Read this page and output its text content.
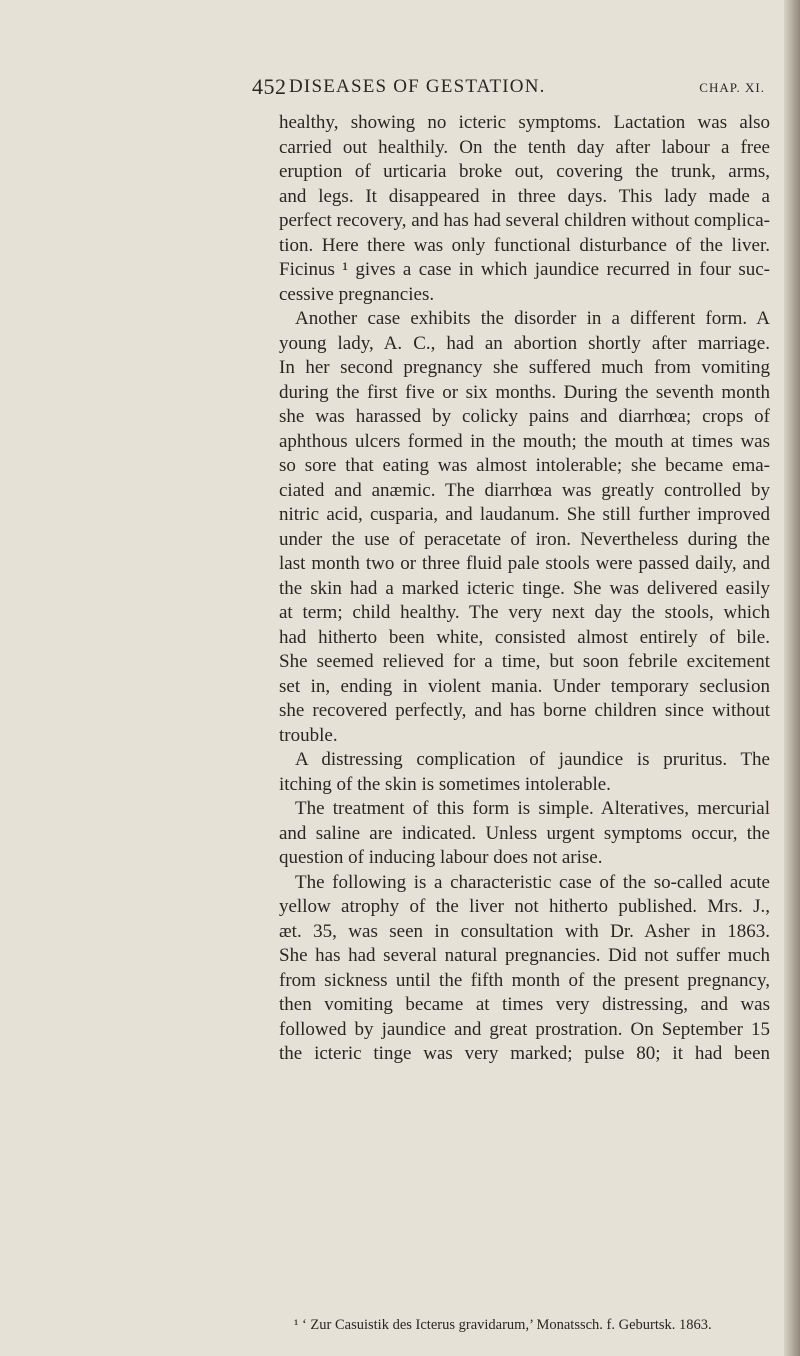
452 DISEASES OF GESTATION.	CHAP. XI.
healthy, showing no icteric symptoms. Lactation was also
carried out healthily. On the tenth day after labour a free
eruption of urticaria broke out, covering the trunk, arms,
and legs. It disappeared in three days. This lady made a
perfect recovery, and has had several children without complica-
tion. Here there was only functional disturbance of the liver.
Ficinus ¹ gives a case in which jaundice recurred in four suc-
cessive pregnancies.
Another case exhibits the disorder in a different form. A
young lady, A. C., had an abortion shortly after marriage.
In her second pregnancy she suffered much from vomiting
during the first five or six months. During the seventh month
she was harassed by colicky pains and diarrhœa; crops of
aphthous ulcers formed in the mouth; the mouth at times was
so sore that eating was almost intolerable; she became ema-
ciated and anæmic. The diarrhœa was greatly controlled by
nitric acid, cusparia, and laudanum. She still further improved
under the use of peracetate of iron. Nevertheless during the
last month two or three fluid pale stools were passed daily, and
the skin had a marked icteric tinge. She was delivered easily
at term; child healthy. The very next day the stools, which
had hitherto been white, consisted almost entirely of bile.
She seemed relieved for a time, but soon febrile excitement
set in, ending in violent mania. Under temporary seclusion
she recovered perfectly, and has borne children since without
trouble.
A distressing complication of jaundice is pruritus. The
itching of the skin is sometimes intolerable.
The treatment of this form is simple. Alteratives, mercurial
and saline are indicated. Unless urgent symptoms occur, the
question of inducing labour does not arise.
The following is a characteristic case of the so-called acute
yellow atrophy of the liver not hitherto published. Mrs. J.,
æt. 35, was seen in consultation with Dr. Asher in 1863.
She has had several natural pregnancies. Did not suffer much
from sickness until the fifth month of the present pregnancy,
then vomiting became at times very distressing, and was
followed by jaundice and great prostration. On September 15
the icteric tinge was very marked; pulse 80; it had been
¹ ‘ Zur Casuistik des Icterus gravidarum,’ Monatssch. f. Geburtsk. 1863.
